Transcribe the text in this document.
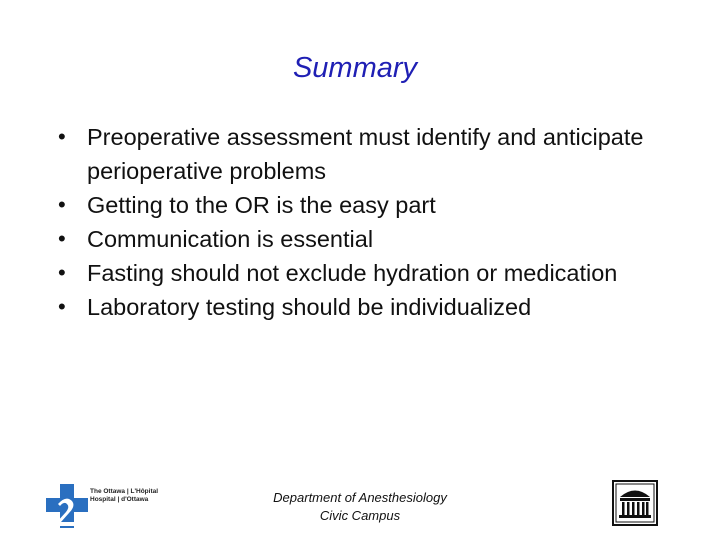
Summary
• Preoperative assessment must identify and anticipate perioperative problems
• Getting to the OR is the easy part
• Communication is essential
• Fasting should not exclude hydration or medication
• Laboratory testing should be individualized
The Ottawa | L'Hôpital
Hospital | d'Ottawa	Department of Anesthesiology
Civic Campus
